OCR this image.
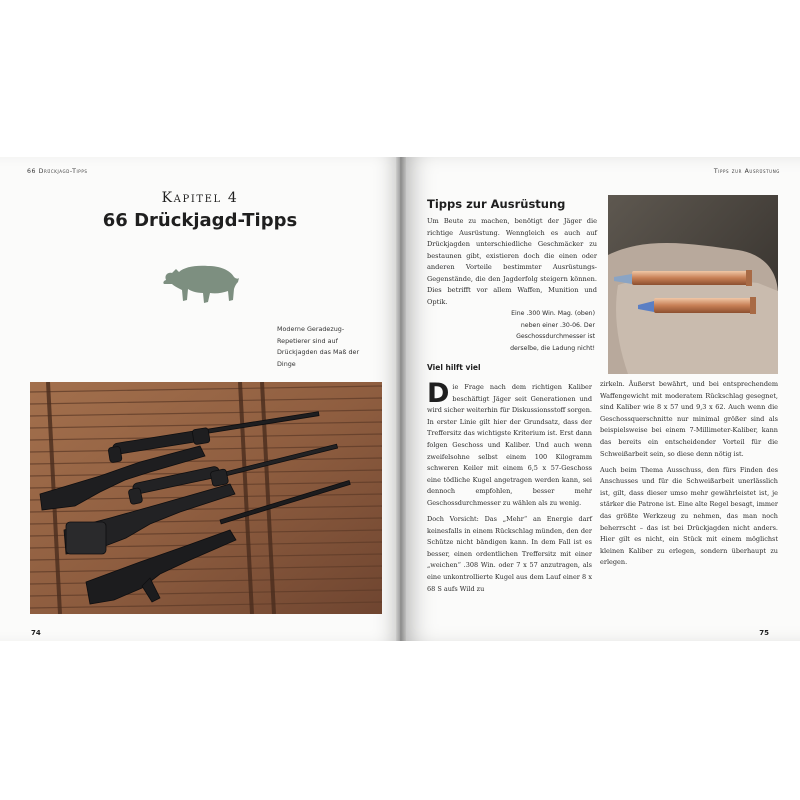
66 Drückjagd-Tipps
Kapitel 4
66 Drückjagd-Tipps
Moderne Geradezug-Repetierer sind auf Drückjagden das Maß der Dinge
74
Tipps zur Ausrüstung
Tipps zur Ausrüstung
Um Beute zu machen, benötigt der Jäger die richtige Ausrüstung. Wenngleich es auch auf Drückjagden unterschiedliche Geschmäcker zu bestaunen gibt, existieren doch die einen oder anderen Vorteile bestimmter Ausrüstungs-Gegenstände, die den Jagderfolg steigern können. Dies betrifft vor allem Waffen, Munition und Optik.
Eine .300 Win. Mag. (oben) neben einer .30-06. Der Geschossdurchmesser ist derselbe, die Ladung nicht!
Viel hilft viel

Die Frage nach dem richtigen Kaliber beschäftigt Jäger seit Generationen und wird sicher weiterhin für Diskussionsstoff sorgen. In erster Linie gilt hier der Grundsatz, dass der Treffersitz das wichtigste Kriterium ist. Erst dann folgen Geschoss und Kaliber. Und auch wenn zweifelsohne selbst einem 100 Kilogramm schweren Keiler mit einem 6,5 x 57-Geschoss eine tödliche Kugel angetragen werden kann, sei dennoch empfohlen, besser mehr Geschossdurchmesser zu wählen als zu wenig.

Doch Vorsicht: Das „Mehr“ an Energie darf keinesfalls in einem Rückschlag münden, den der Schütze nicht bändigen kann. In dem Fall ist es besser, einen ordentlichen Treffersitz mit einer „weichen“ .308 Win. oder 7 x 57 anzutragen, als eine unkontrollierte Kugel aus dem Lauf einer 8 x 68 S aufs Wild zu

zirkeln. Äußerst bewährt, und bei entsprechendem Waffengewicht mit moderatem Rückschlag gesegnet, sind Kaliber wie 8 x 57 und 9,3 x 62. Auch wenn die Geschossquerschnitte nur minimal größer sind als beispielsweise bei einem 7-Millimeter-Kaliber, kann das bereits ein entscheidender Vorteil für die Schweißarbeit sein, so diese denn nötig ist.

Auch beim Thema Ausschuss, den fürs Finden des Anschusses und für die Schweißarbeit unerlässlich ist, gilt, dass dieser umso mehr gewährleistet ist, je stärker die Patrone ist. Eine alte Regel besagt, immer das größte Werkzeug zu nehmen, das man noch beherrscht – das ist bei Drückjagden nicht anders. Hier gilt es nicht, ein Stück mit einem möglichst kleinen Kaliber zu erlegen, sondern überhaupt zu erlegen.

75
